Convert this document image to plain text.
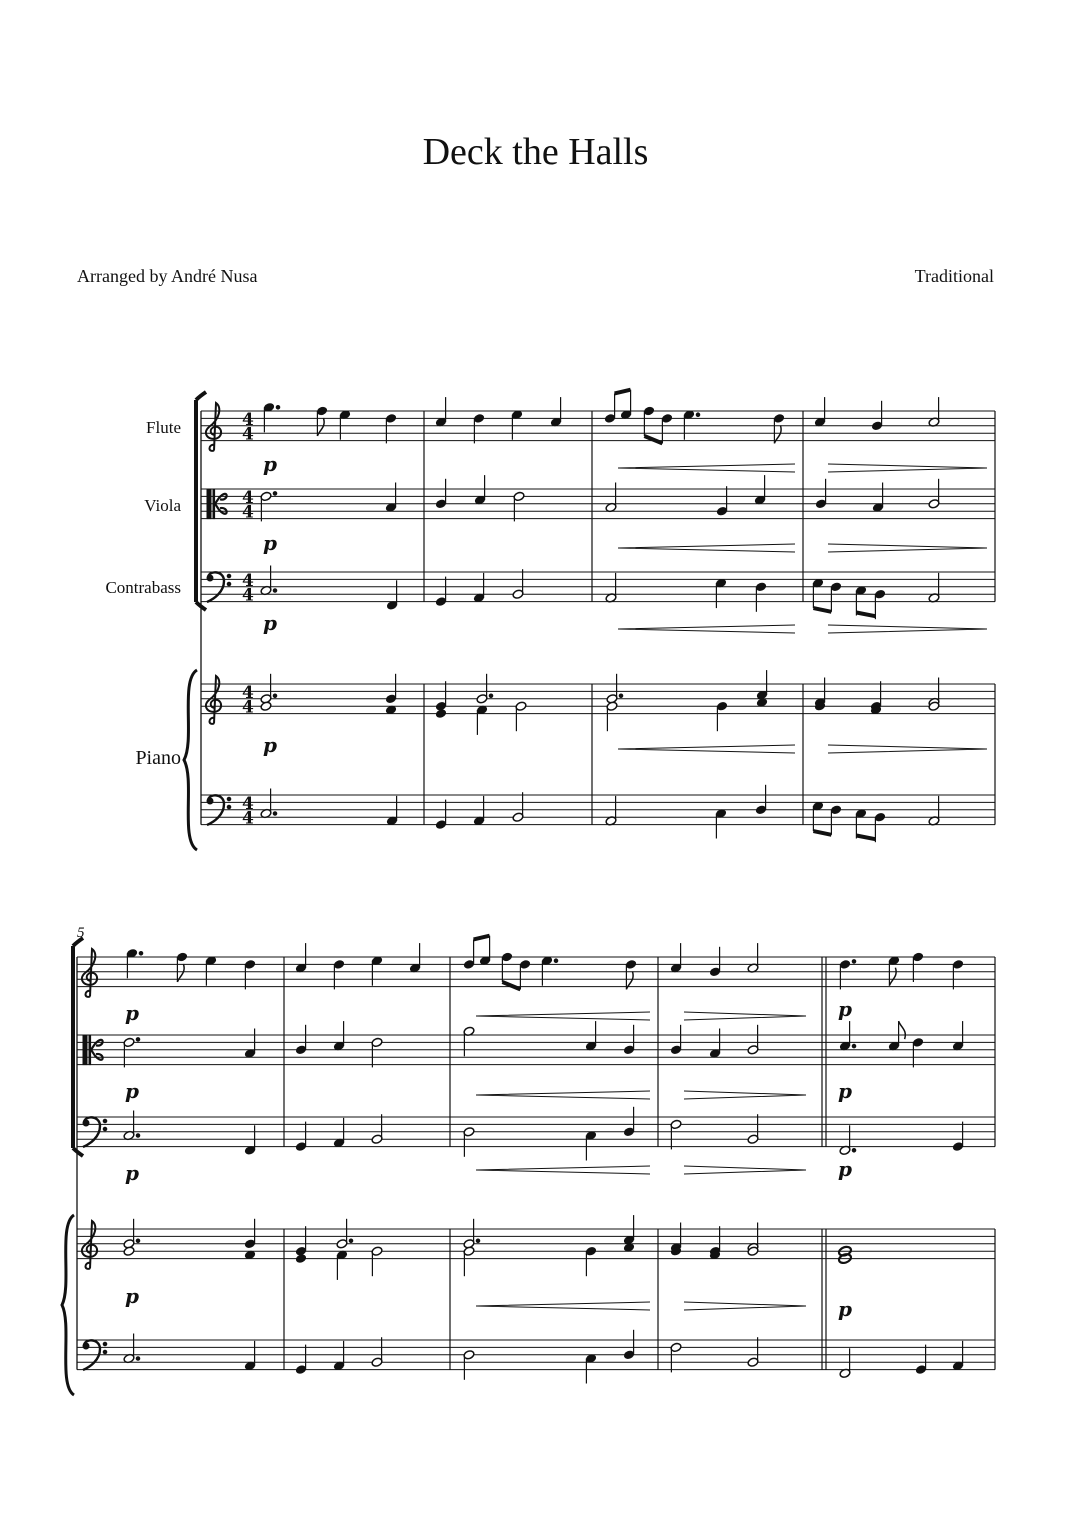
Deck the Halls
Arranged by André Nusa	Traditional
Flute
Viola
Contrabass
Piano
4
4
4
4
4
4
4
4
4
4
p
p
p
p
5
p	p
p	p
p	p
p
p
